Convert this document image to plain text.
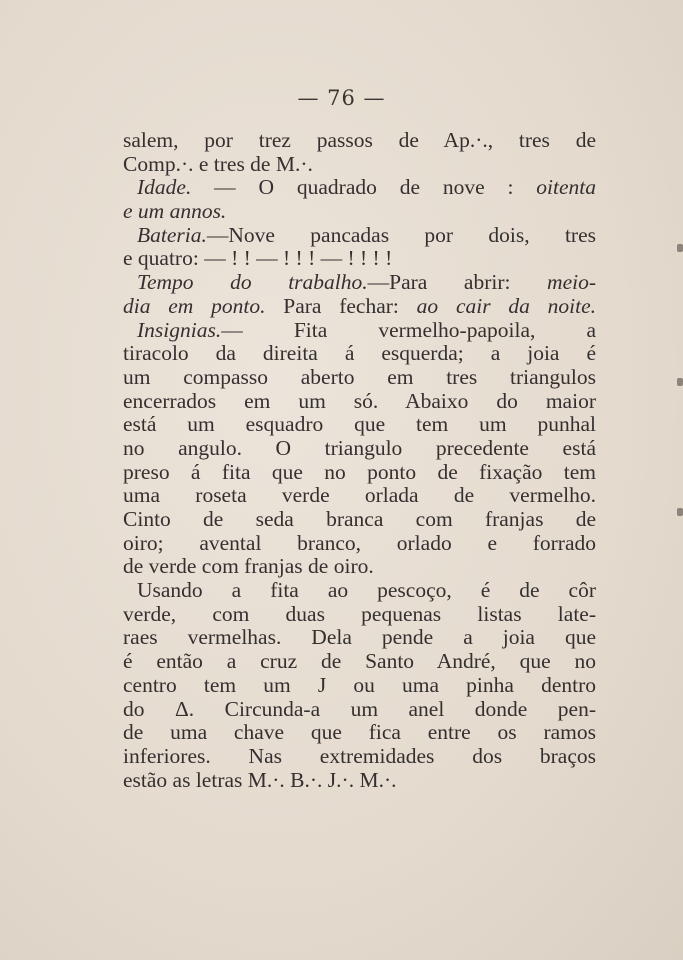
— 76 —
salem, por trez passos de Ap.·., tres de
Comp.·. e tres de M.·.
Idade. — O quadrado de nove : oitenta
e um annos.
Bateria.—Nove pancadas por dois, tres
e quatro: — ! ! — ! ! ! — ! ! ! !
Tempo do trabalho.—Para abrir: meio-
dia em ponto. Para fechar: ao cair da noite.
Insignias.— Fita vermelho-papoila, a
tiracolo da direita á esquerda; a joia é
um compasso aberto em tres triangulos
encerrados em um só. Abaixo do maior
está um esquadro que tem um punhal
no angulo. O triangulo precedente está
preso á fita que no ponto de fixação tem
uma roseta verde orlada de vermelho.
Cinto de seda branca com franjas de
oiro; avental branco, orlado e forrado
de verde com franjas de oiro.
Usando a fita ao pescoço, é de côr
verde, com duas pequenas listas late-
raes vermelhas. Dela pende a joia que
é então a cruz de Santo André, que no
centro tem um J ou uma pinha dentro
do Δ. Circunda-a um anel donde pen-
de uma chave que fica entre os ramos
inferiores. Nas extremidades dos braços
estão as letras M.·. B.·. J.·. M.·.
